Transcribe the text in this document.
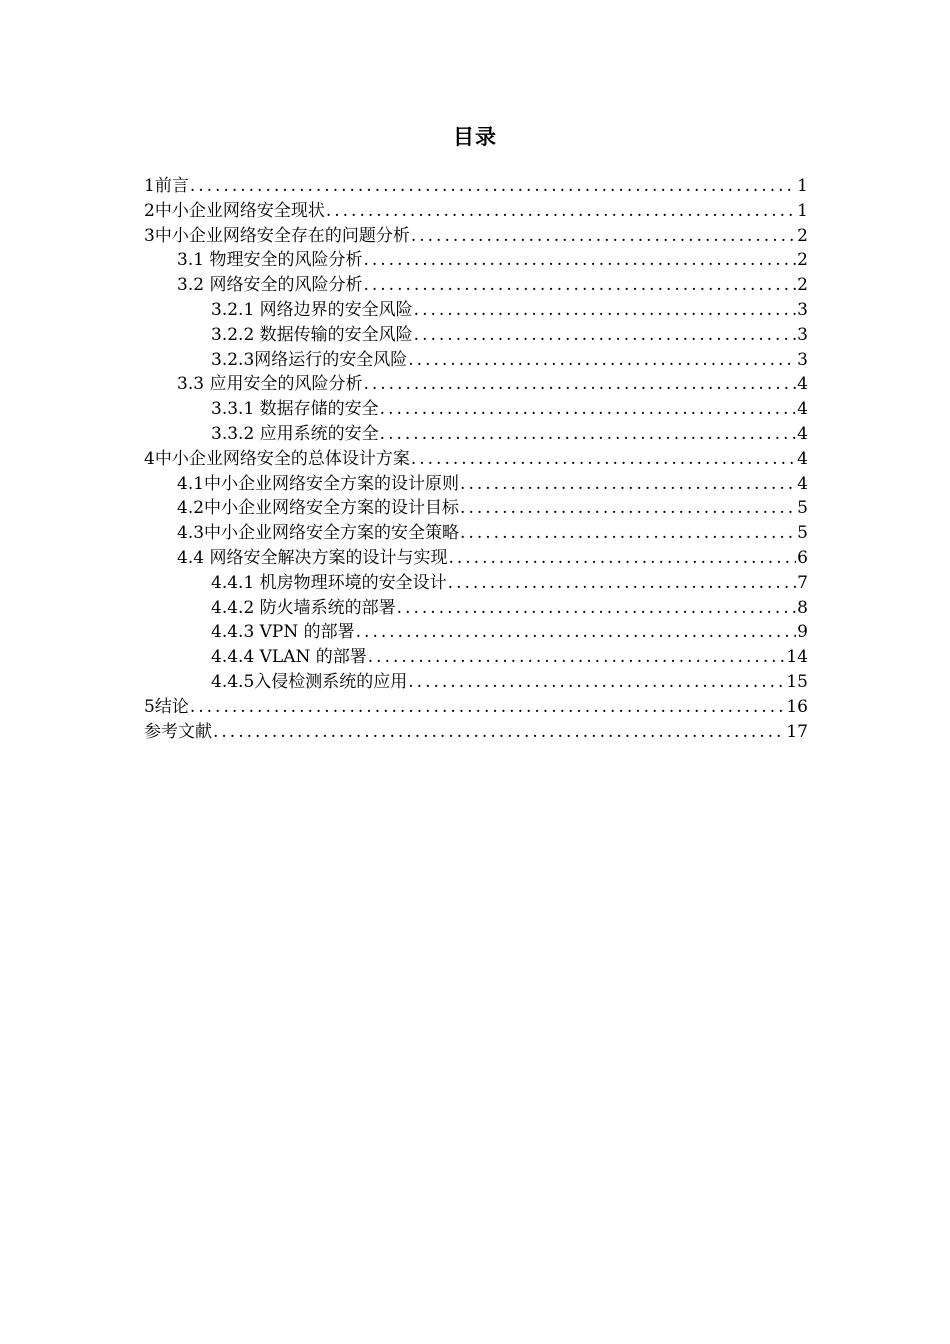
目录
1前言 .....	1
2中小企业网络安全现状 .....	1
3中小企业网络安全存在的问题分析 .....	2
3.1 物理安全的风险分析 .....	2
3.2 网络安全的风险分析 .....	2
3.2.1 网络边界的安全风险 .....	3
3.2.2 数据传输的安全风险 .....	3
3.2.3网络运行的安全风险 .....	3
3.3 应用安全的风险分析 .....	4
3.3.1 数据存储的安全 .....	4
3.3.2 应用系统的安全 .....	4
4中小企业网络安全的总体设计方案 .....	4
4.1中小企业网络安全方案的设计原则 .....	4
4.2中小企业网络安全方案的设计目标 .....	5
4.3中小企业网络安全方案的安全策略 .....	5
4.4 网络安全解决方案的设计与实现 .....	6
4.4.1 机房物理环境的安全设计 .....	7
4.4.2 防火墙系统的部署 .....	8
4.4.3 VPN 的部署 .....	9
4.4.4 VLAN 的部署 .....	14
4.4.5入侵检测系统的应用 .....	15
5结论 .....	16
参考文献 .....	17
